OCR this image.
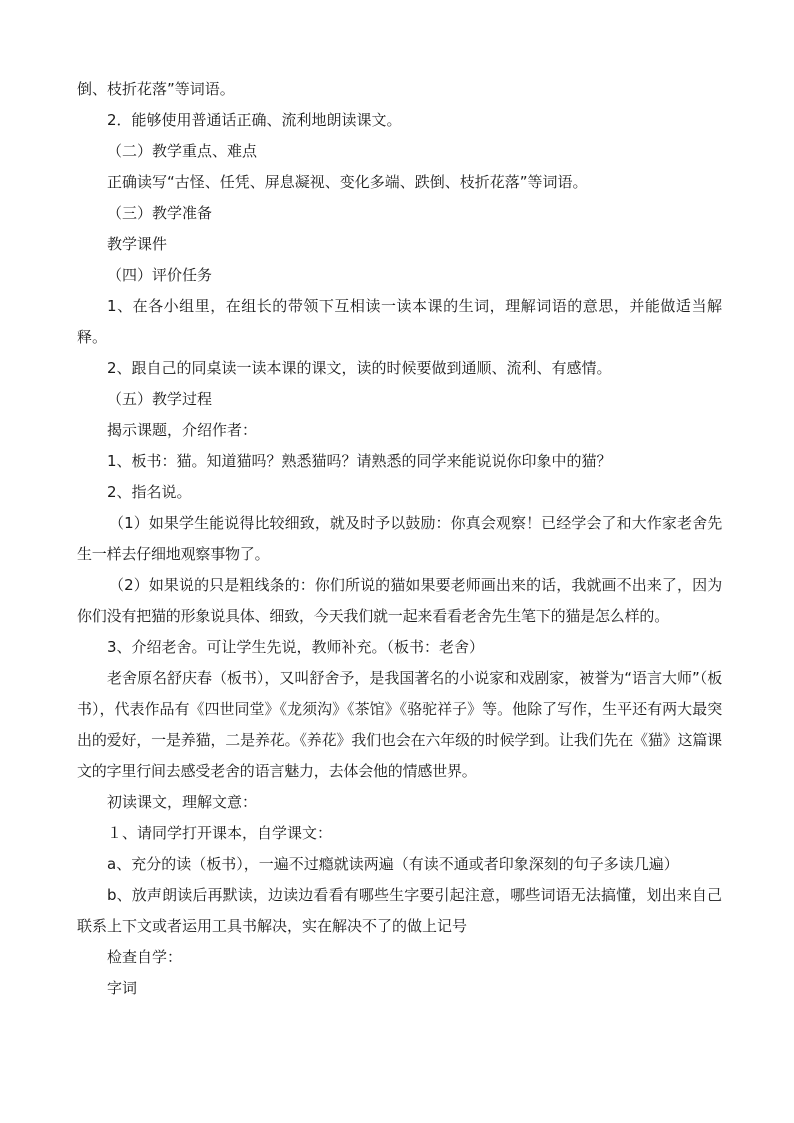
倒、枝折花落”等词语。

2．能够使用普通话正确、流利地朗读课文。

（二）教学重点、难点

正确读写“古怪、任凭、屏息凝视、变化多端、跌倒、枝折花落”等词语。

（三）教学准备

教学课件

（四）评价任务

1、在各小组里，在组长的带领下互相读一读本课的生词，理解词语的意思，并能做适当解释。

2、跟自己的同桌读一读本课的课文，读的时候要做到通顺、流利、有感情。

（五）教学过程

揭示课题，介绍作者：

1、板书：猫。知道猫吗？熟悉猫吗？请熟悉的同学来能说说你印象中的猫？

2、指名说。

（1）如果学生能说得比较细致，就及时予以鼓励：你真会观察！已经学会了和大作家老舍先生一样去仔细地观察事物了。

（2）如果说的只是粗线条的：你们所说的猫如果要老师画出来的话，我就画不出来了，因为你们没有把猫的形象说具体、细致，今天我们就一起来看看老舍先生笔下的猫是怎么样的。

3、介绍老舍。可让学生先说，教师补充。（板书：老舍）

老舍原名舒庆春（板书），又叫舒舍予，是我国著名的小说家和戏剧家，被誉为“语言大师”（板书），代表作品有《四世同堂》《龙须沟》《茶馆》《骆驼祥子》等。他除了写作，生平还有两大最突出的爱好，一是养猫，二是养花。《养花》我们也会在六年级的时候学到。让我们先在《猫》这篇课文的字里行间去感受老舍的语言魅力，去体会他的情感世界。

初读课文，理解文意：

１、请同学打开课本，自学课文：

a、充分的读（板书），一遍不过瘾就读两遍（有读不通或者印象深刻的句子多读几遍）

b、放声朗读后再默读，边读边看看有哪些生字要引起注意，哪些词语无法搞懂，划出来自己联系上下文或者运用工具书解决，实在解决不了的做上记号

检查自学：

字词
